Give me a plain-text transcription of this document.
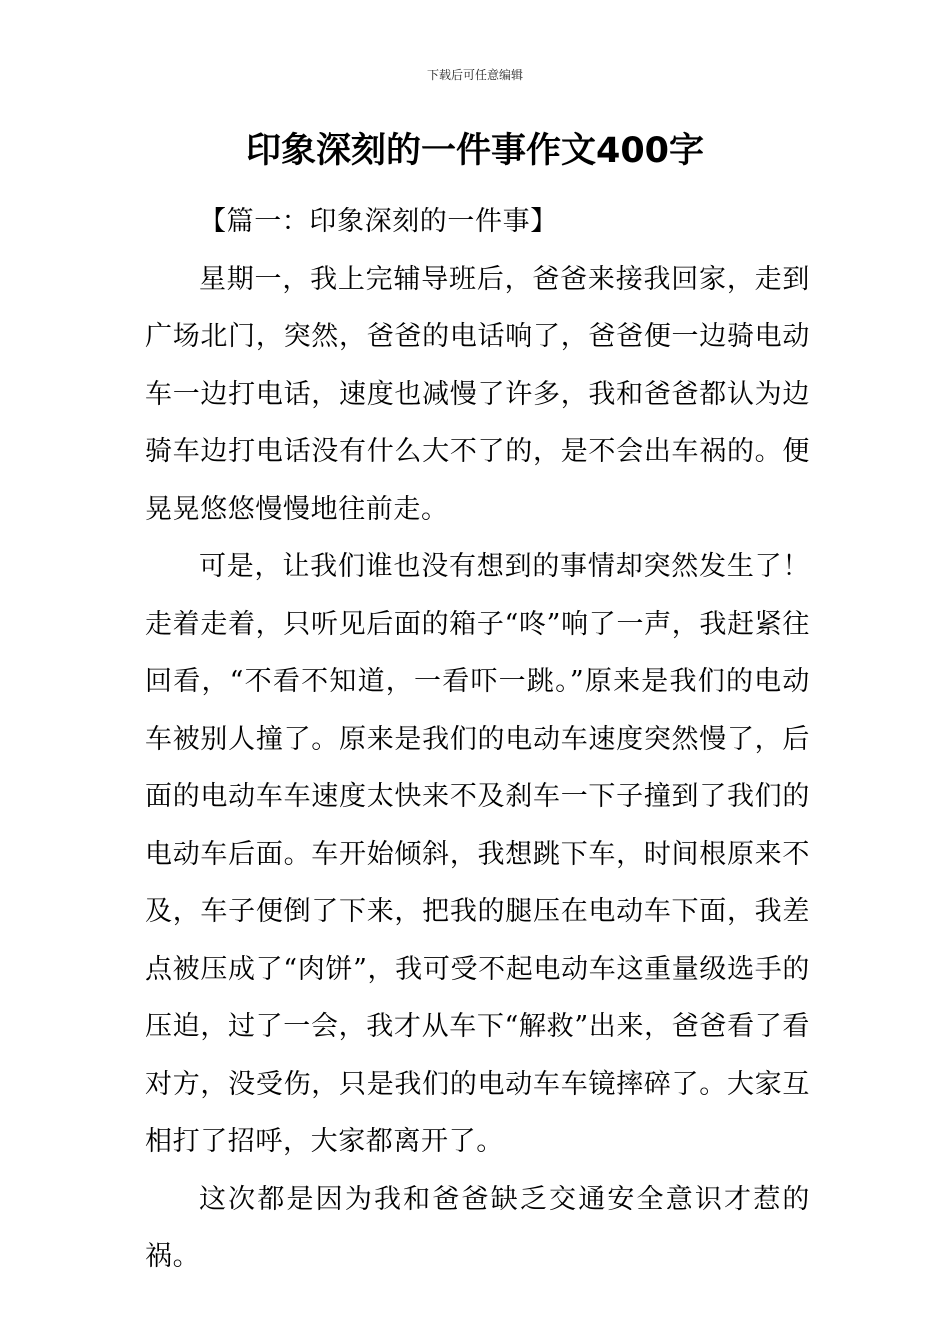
下载后可任意编辑
印象深刻的一件事作文400字

【篇一：印象深刻的一件事】

星期一，我上完辅导班后，爸爸来接我回家，走到广场北门，突然，爸爸的电话响了，爸爸便一边骑电动车一边打电话，速度也减慢了许多，我和爸爸都认为边骑车边打电话没有什么大不了的，是不会出车祸的。便晃晃悠悠慢慢地往前走。

可是，让我们谁也没有想到的事情却突然发生了！走着走着，只听见后面的箱子“咚”响了一声，我赶紧往回看，“不看不知道，一看吓一跳。”原来是我们的电动车被别人撞了。原来是我们的电动车速度突然慢了，后面的电动车车速度太快来不及刹车一下子撞到了我们的电动车后面。车开始倾斜，我想跳下车，时间根原来不及，车子便倒了下来，把我的腿压在电动车下面，我差点被压成了“肉饼”，我可受不起电动车这重量级选手的压迫，过了一会，我才从车下“解救”出来，爸爸看了看对方，没受伤，只是我们的电动车车镜摔碎了。大家互相打了招呼，大家都离开了。

这次都是因为我和爸爸缺乏交通安全意识才惹的祸。
